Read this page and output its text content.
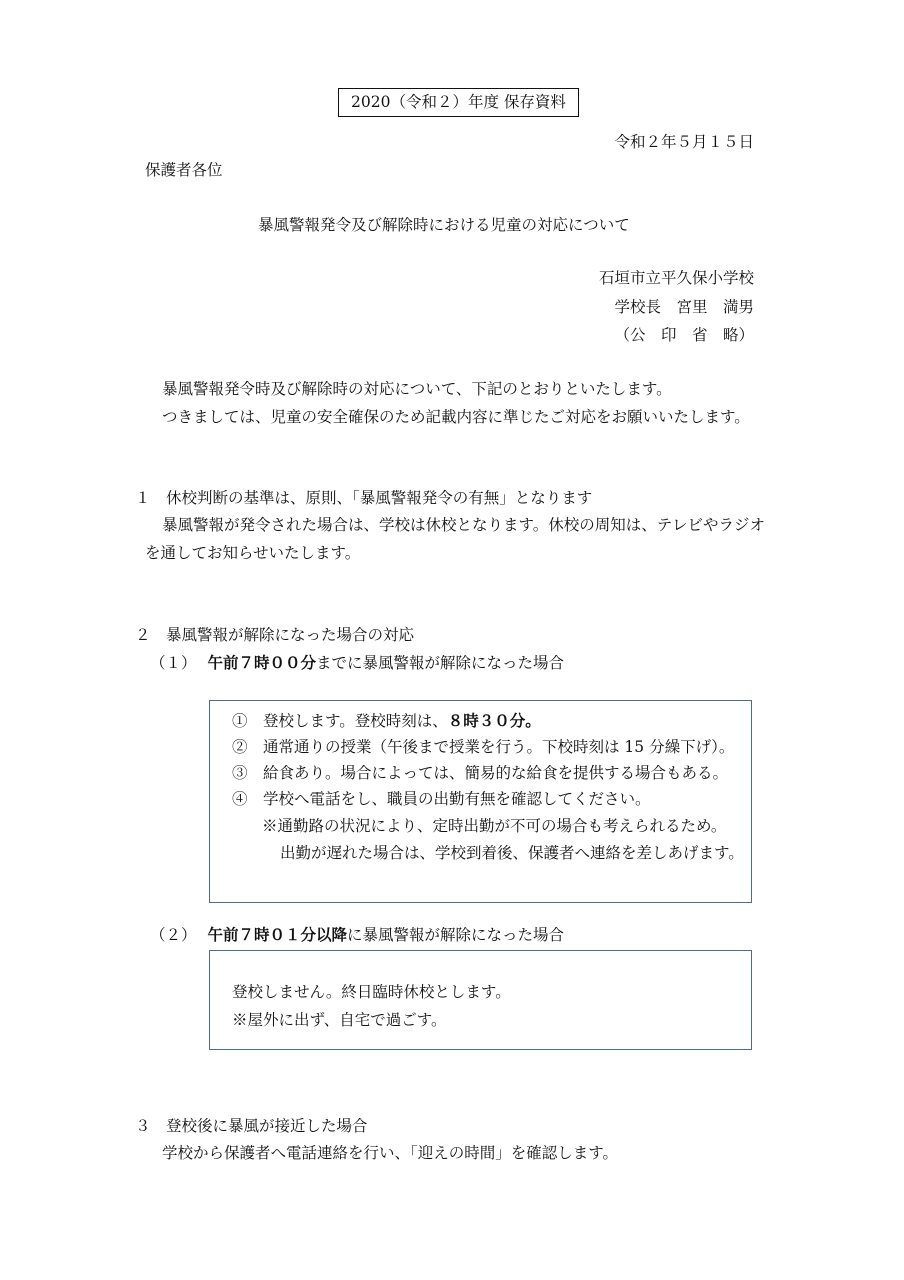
2020（令和２）年度 保存資料
令和２年５月１５日
保護者各位
暴風警報発令及び解除時における児童の対応について
石垣市立平久保小学校
学校長　宮里　満男
（公　印　省　略）
暴風警報発令時及び解除時の対応について、下記のとおりといたします。
つきましては、児童の安全確保のため記載内容に準じたご対応をお願いいたします。
１　休校判断の基準は、原則、「暴風警報発令の有無」となります
暴風警報が発令された場合は、学校は休校となります。休校の周知は、テレビやラジオ
を通してお知らせいたします。
２　暴風警報が解除になった場合の対応
（１） 午前７時００分までに暴風警報が解除になった場合
①　登校します。登校時刻は、８時３０分。
②　通常通りの授業（午後まで授業を行う。下校時刻は 15 分繰下げ）。
③　給食あり。場合によっては、簡易的な給食を提供する場合もある。
④　学校へ電話をし、職員の出勤有無を確認してください。
※通勤路の状況により、定時出勤が不可の場合も考えられるため。
出勤が遅れた場合は、学校到着後、保護者へ連絡を差しあげます。
（２） 午前７時０１分以降に暴風警報が解除になった場合
登校しません。終日臨時休校とします。
※屋外に出ず、自宅で過ごす。
３　登校後に暴風が接近した場合
学校から保護者へ電話連絡を行い、「迎えの時間」を確認します。
